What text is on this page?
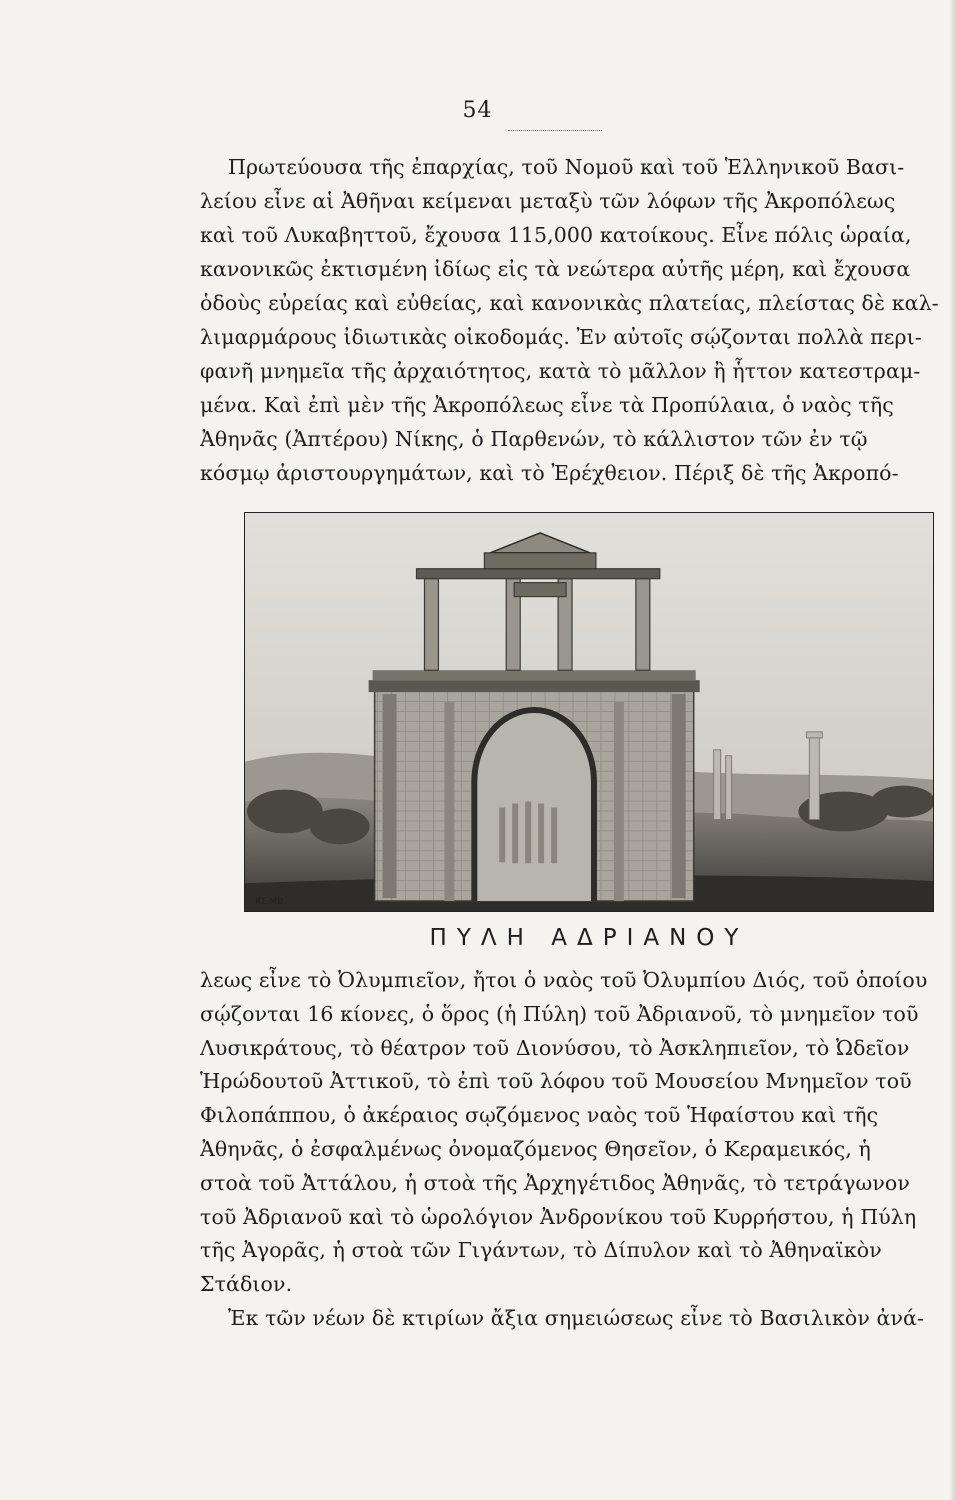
54
Πρωτεύουσα τῆς ἐπαρχίας, τοῦ Νομοῦ καὶ τοῦ Ἑλληνικοῦ Βασι-
λείου εἶνε αἱ Ἀθῆναι κείμεναι μεταξὺ τῶν λόφων τῆς Ἀκροπόλεως
καὶ τοῦ Λυκαβηττοῦ, ἔχουσα 115,000 κατοίκους. Εἶνε πόλις ὡραία,
κανονικῶς ἐκτισμένη ἰδίως εἰς τὰ νεώτερα αὐτῆς μέρη, καὶ ἔχουσα
ὁδοὺς εὐρείας καὶ εὐθείας, καὶ κανονικὰς πλατείας, πλείστας δὲ καλ-
λιμαρμάρους ἰδιωτικὰς οἰκοδομάς. Ἐν αὐτοῖς σῴζονται πολλὰ περι-
φανῆ μνημεῖα τῆς ἀρχαιότητος, κατὰ τὸ μᾶλλον ἢ ἧττον κατεστραμ-
μένα. Καὶ ἐπὶ μὲν τῆς Ἀκροπόλεως εἶνε τὰ Προπύλαια, ὁ ναὸς τῆς
Ἀθηνᾶς (Ἀπτέρου) Νίκης, ὁ Παρθενών, τὸ κάλλιστον τῶν ἐν τῷ
κόσμῳ ἀριστουργημάτων, καὶ τὸ Ἐρέχθειον. Πέριξ δὲ τῆς Ἀκροπό-
ΚΣ.ΜΒ.
ΠΥΛΗ ΑΔΡΙΑΝΟΥ
λεως εἶνε τὸ Ὀλυμπιεῖον, ἤτοι ὁ ναὸς τοῦ Ὀλυμπίου Διός, τοῦ ὁποίου
σῴζονται 16 κίονες, ὁ ὅρος (ἡ Πύλη) τοῦ Ἀδριανοῦ, τὸ μνημεῖον τοῦ
Λυσικράτους, τὸ θέατρον τοῦ Διονύσου, τὸ Ἀσκληπιεῖον, τὸ Ὠδεῖον
Ἡρώδουτοῦ Ἀττικοῦ, τὸ ἐπὶ τοῦ λόφου τοῦ Μουσείου Μνημεῖον τοῦ
Φιλοπάππου, ὁ ἀκέραιος σῳζόμενος ναὸς τοῦ Ἡφαίστου καὶ τῆς
Ἀθηνᾶς, ὁ ἐσφαλμένως ὀνομαζόμενος Θησεῖον, ὁ Κεραμεικός, ἡ
στοὰ τοῦ Ἀττάλου, ἡ στοὰ τῆς Ἀρχηγέτιδος Ἀθηνᾶς, τὸ τετράγωνον
τοῦ Ἀδριανοῦ καὶ τὸ ὡρολόγιον Ἀνδρονίκου τοῦ Κυρρήστου, ἡ Πύλη
τῆς Ἀγορᾶς, ἡ στοὰ τῶν Γιγάντων, τὸ Δίπυλον καὶ τὸ Ἀθηναϊκὸν
Στάδιον.
Ἐκ τῶν νέων δὲ κτιρίων ἄξια σημειώσεως εἶνε τὸ Βασιλικὸν ἀνά-
